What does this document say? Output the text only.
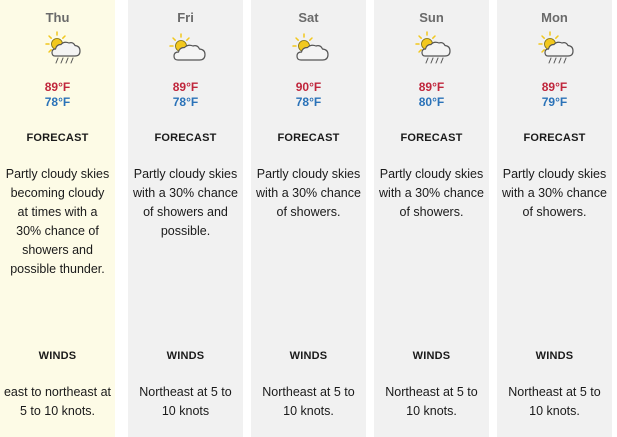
Thu
89°F
78°F
FORECAST
Partly cloudy skies becoming cloudy at times with a 30% chance of showers and possible thunder.
WINDS
east to northeast at 5 to 10 knots.
Fri
89°F
78°F
FORECAST
Partly cloudy skies with a 30% chance of showers and possible.
WINDS
Northeast at 5 to 10 knots
Sat
90°F
78°F
FORECAST
Partly cloudy skies with a 30% chance of showers.
WINDS
Northeast at 5 to 10 knots.
Sun
89°F
80°F
FORECAST
Partly cloudy skies with a 30% chance of showers.
WINDS
Northeast at 5 to 10 knots.
Mon
89°F
79°F
FORECAST
Partly cloudy skies with a 30% chance of showers.
WINDS
Northeast at 5 to 10 knots.
